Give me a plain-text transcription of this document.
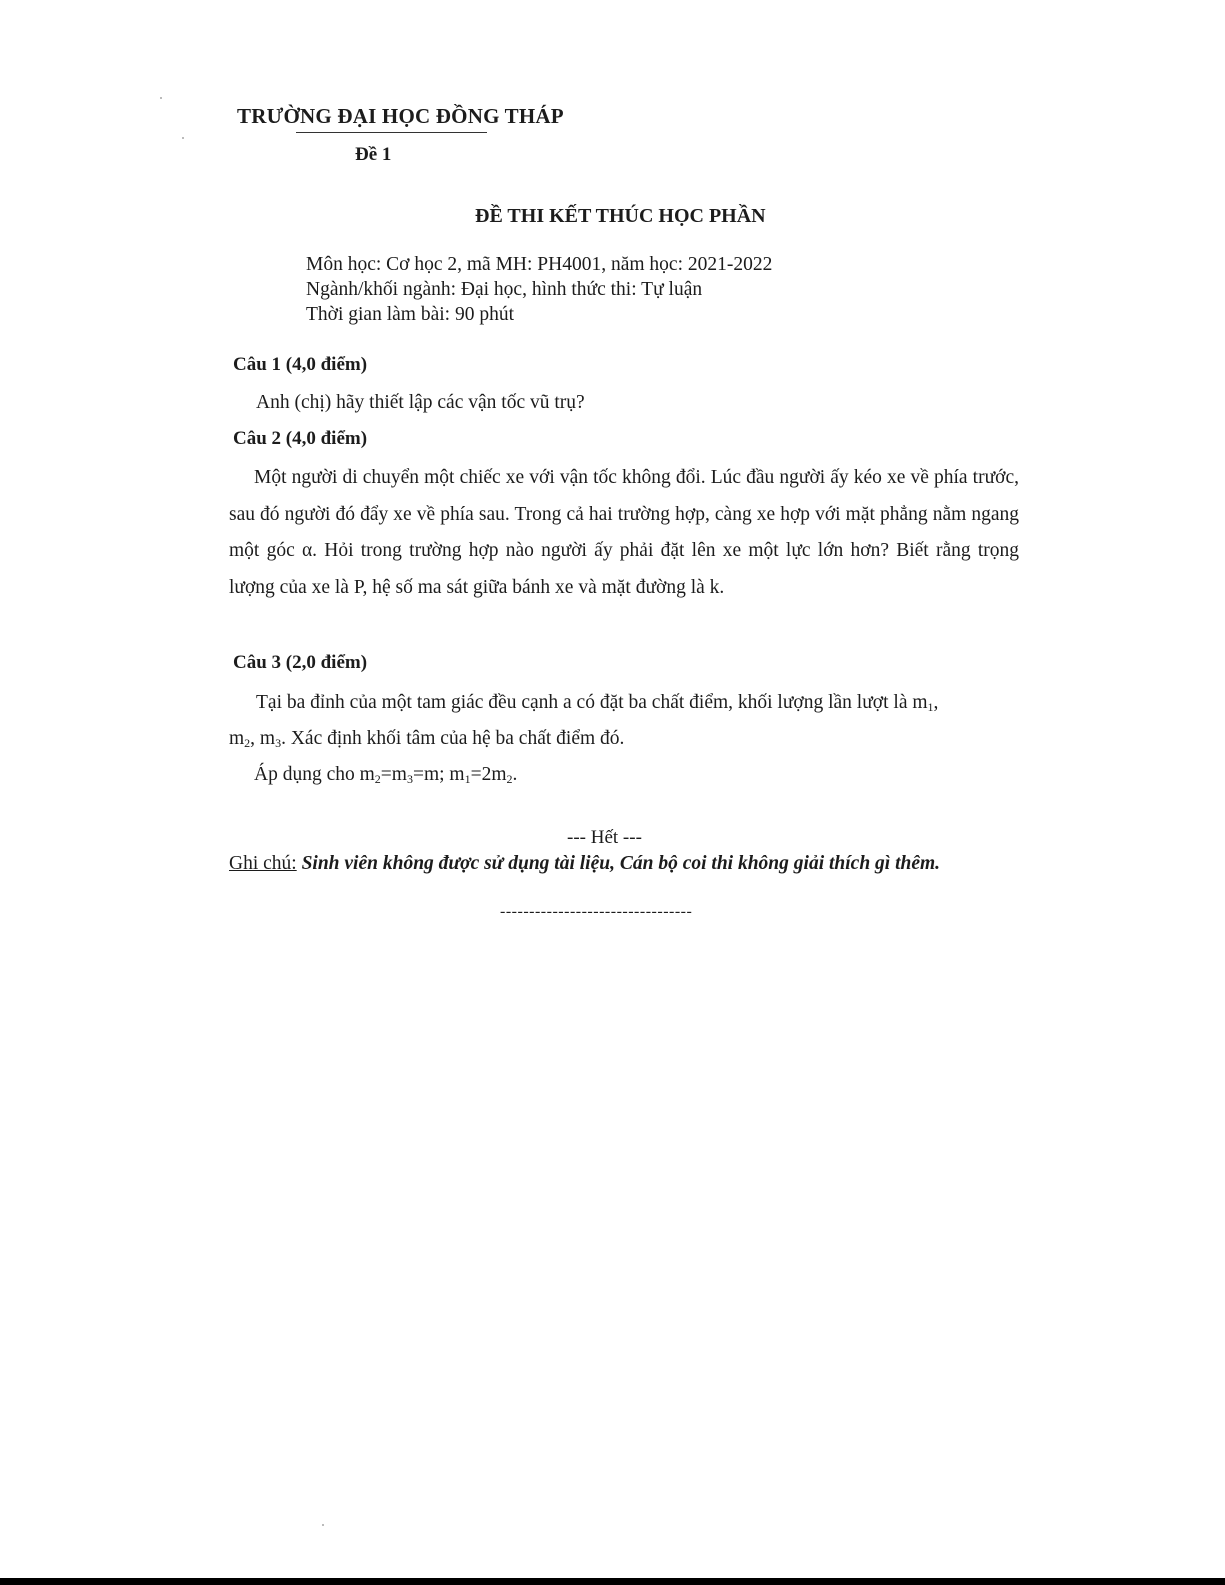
TRƯỜNG ĐẠI HỌC ĐỒNG THÁP
Đề 1
ĐỀ THI KẾT THÚC HỌC PHẦN
Môn học: Cơ học 2, mã MH: PH4001, năm học: 2021-2022
Ngành/khối ngành: Đại học, hình thức thi: Tự luận
Thời gian làm bài: 90 phút
Câu 1 (4,0 điểm)
Anh (chị) hãy thiết lập các vận tốc vũ trụ?
Câu 2 (4,0 điểm)
Một người di chuyển một chiếc xe với vận tốc không đổi. Lúc đầu người ấy kéo xe về phía trước, sau đó người đó đẩy xe về phía sau. Trong cả hai trường hợp, càng xe hợp với mặt phẳng nằm ngang một góc α. Hỏi trong trường hợp nào người ấy phải đặt lên xe một lực lớn hơn? Biết rằng trọng lượng của xe là P, hệ số ma sát giữa bánh xe và mặt đường là k.
Câu 3 (2,0 điểm)
Tại ba đỉnh của một tam giác đều cạnh a có đặt ba chất điểm, khối lượng lần lượt là $m_1$,
$m_2$, $m_3$. Xác định khối tâm của hệ ba chất điểm đó.
Áp dụng cho $m_2=m_3=m$; $m_1=2m_2$.
--- Hết ---
Ghi chú: Sinh viên không được sử dụng tài liệu, Cán bộ coi thi không giải thích gì thêm.
---------------------------------
